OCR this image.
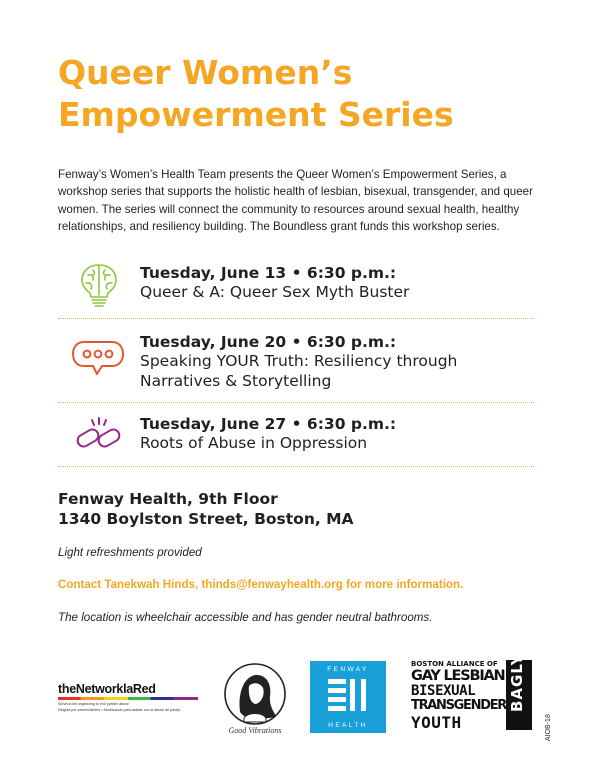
Queer Women’s
Empowerment Series

Fenway’s Women’s Health Team presents the Queer Women’s Empowerment Series, a workshop series that supports the holistic health of lesbian, bisexual, transgender, and queer women. The series will connect the community to resources around sexual health, healthy relationships, and resiliency building. The Boundless grant funds this workshop series.

Tuesday, June 13 • 6:30 p.m.:
Queer & A: Queer Sex Myth Buster
Tuesday, June 20 • 6:30 p.m.:
Speaking YOUR Truth: Resiliency through
Narratives & Storytelling
Tuesday, June 27 • 6:30 p.m.:
Roots of Abuse in Oppression
Fenway Health, 9th Floor
1340 Boylston Street, Boston, MA
Light refreshments provided
Contact Tanekwah Hinds, thinds@fenwayhealth.org for more information.
The location is wheelchair accessible and has gender neutral bathrooms.
theNetworklaRed
Survivor-led organizing to end partner abuse
Dirigida por sobrevivientes • Movilizando para acabar con el abuso de pareja
Good Vibrations
FENWAY
HEALTH
BOSTON ALLIANCE OF
GAY LESBIAN
BISEXUAL
TRANSGENDER
YOUTH
BAGLY
AIOB-18
